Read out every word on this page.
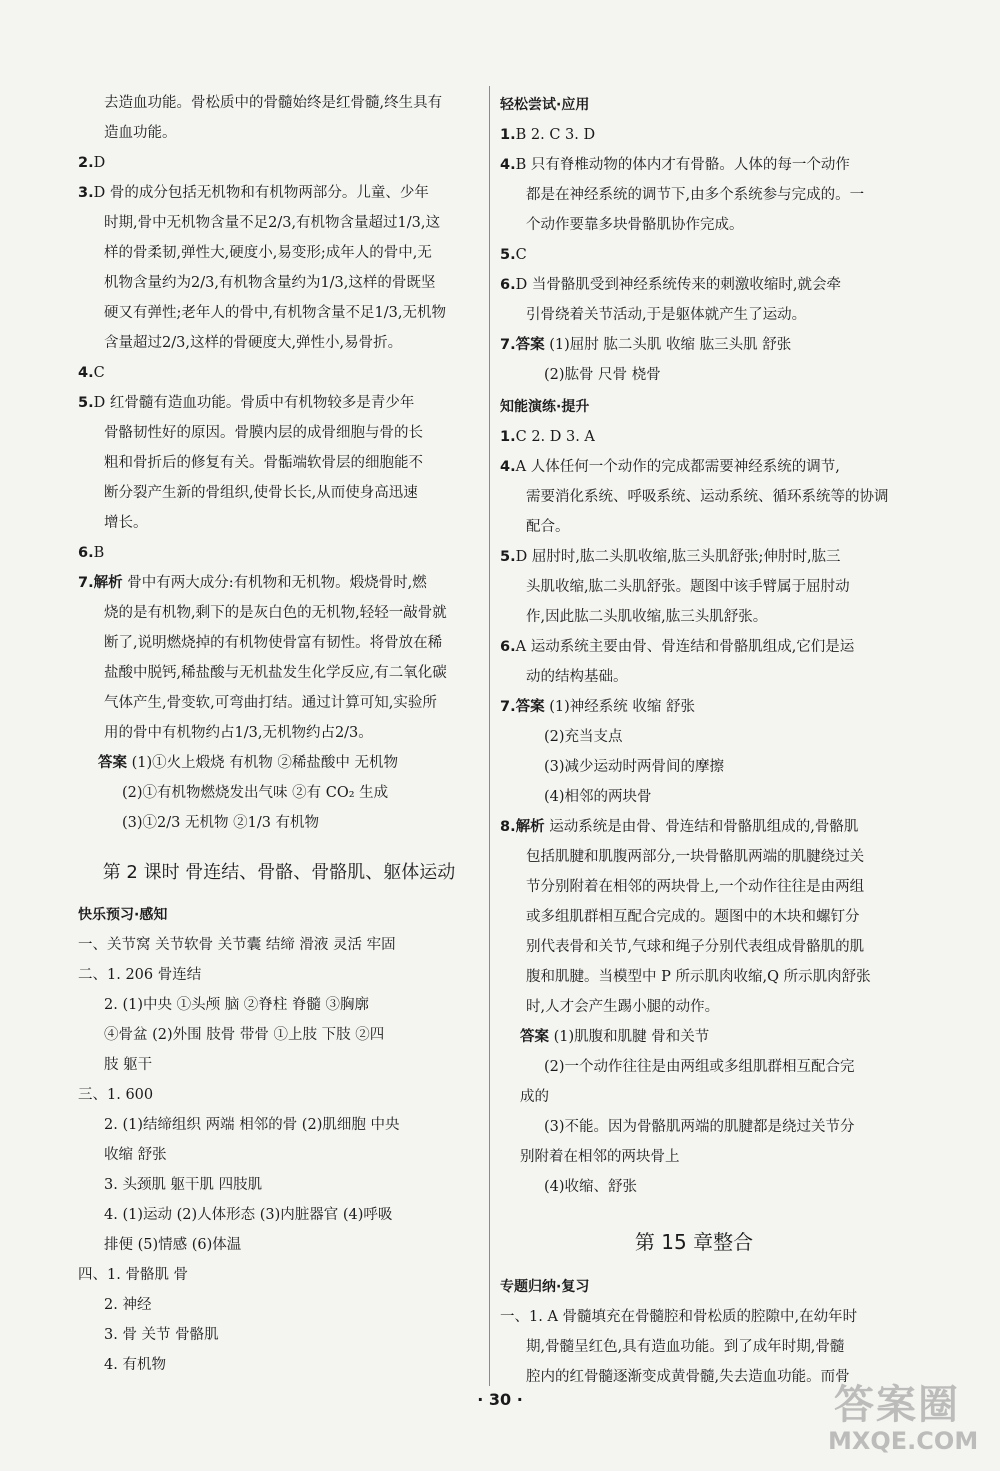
去造血功能。骨松质中的骨髓始终是红骨髓,终生具有
造血功能。
2.D
3.D 骨的成分包括无机物和有机物两部分。儿童、少年
时期,骨中无机物含量不足2/3,有机物含量超过1/3,这
样的骨柔韧,弹性大,硬度小,易变形;成年人的骨中,无
机物含量约为2/3,有机物含量约为1/3,这样的骨既坚
硬又有弹性;老年人的骨中,有机物含量不足1/3,无机物
含量超过2/3,这样的骨硬度大,弹性小,易骨折。
4.C
5.D 红骨髓有造血功能。骨质中有机物较多是青少年
骨骼韧性好的原因。骨膜内层的成骨细胞与骨的长
粗和骨折后的修复有关。骨骺端软骨层的细胞能不
断分裂产生新的骨组织,使骨长长,从而使身高迅速
增长。
6.B
7.解析 骨中有两大成分:有机物和无机物。煅烧骨时,燃
烧的是有机物,剩下的是灰白色的无机物,轻轻一敲骨就
断了,说明燃烧掉的有机物使骨富有韧性。将骨放在稀
盐酸中脱钙,稀盐酸与无机盐发生化学反应,有二氧化碳
气体产生,骨变软,可弯曲打结。通过计算可知,实验所
用的骨中有机物约占1/3,无机物约占2/3。
答案 (1)①火上煅烧 有机物 ②稀盐酸中 无机物
(2)①有机物燃烧发出气味 ②有 CO₂ 生成
(3)①2/3 无机物 ②1/3 有机物
第 2 课时 骨连结、骨骼、骨骼肌、躯体运动
快乐预习·感知
一、关节窝 关节软骨 关节囊 结缔 滑液 灵活 牢固
二、1. 206 骨连结
2. (1)中央 ①头颅 脑 ②脊柱 脊髓 ③胸廓
④骨盆 (2)外围 肢骨 带骨 ①上肢 下肢 ②四
肢 躯干
三、1. 600
2. (1)结缔组织 两端 相邻的骨 (2)肌细胞 中央
收缩 舒张
3. 头颈肌 躯干肌 四肢肌
4. (1)运动 (2)人体形态 (3)内脏器官 (4)呼吸
排便 (5)情感 (6)体温
四、1. 骨骼肌 骨
2. 神经
3. 骨 关节 骨骼肌
4. 有机物
轻松尝试·应用
1.B 2. C 3. D
4.B 只有脊椎动物的体内才有骨骼。人体的每一个动作
都是在神经系统的调节下,由多个系统参与完成的。一
个动作要靠多块骨骼肌协作完成。
5.C
6.D 当骨骼肌受到神经系统传来的刺激收缩时,就会牵
引骨绕着关节活动,于是躯体就产生了运动。
7.答案 (1)屈肘 肱二头肌 收缩 肱三头肌 舒张
(2)肱骨 尺骨 桡骨
知能演练·提升
1.C 2. D 3. A
4.A 人体任何一个动作的完成都需要神经系统的调节,
需要消化系统、呼吸系统、运动系统、循环系统等的协调
配合。
5.D 屈肘时,肱二头肌收缩,肱三头肌舒张;伸肘时,肱三
头肌收缩,肱二头肌舒张。题图中该手臂属于屈肘动
作,因此肱二头肌收缩,肱三头肌舒张。
6.A 运动系统主要由骨、骨连结和骨骼肌组成,它们是运
动的结构基础。
7.答案 (1)神经系统 收缩 舒张
(2)充当支点
(3)减少运动时两骨间的摩擦
(4)相邻的两块骨
8.解析 运动系统是由骨、骨连结和骨骼肌组成的,骨骼肌
包括肌腱和肌腹两部分,一块骨骼肌两端的肌腱绕过关
节分别附着在相邻的两块骨上,一个动作往往是由两组
或多组肌群相互配合完成的。题图中的木块和螺钉分
别代表骨和关节,气球和绳子分别代表组成骨骼肌的肌
腹和肌腱。当模型中 P 所示肌肉收缩,Q 所示肌肉舒张
时,人才会产生踢小腿的动作。
答案 (1)肌腹和肌腱 骨和关节
(2)一个动作往往是由两组或多组肌群相互配合完
成的
(3)不能。因为骨骼肌两端的肌腱都是绕过关节分
别附着在相邻的两块骨上
(4)收缩、舒张
第 15 章整合
专题归纳·复习
一、1. A 骨髓填充在骨髓腔和骨松质的腔隙中,在幼年时
期,骨髓呈红色,具有造血功能。到了成年时期,骨髓
腔内的红骨髓逐渐变成黄骨髓,失去造血功能。而骨
· 30 ·	答案圈
MXQE.COM
